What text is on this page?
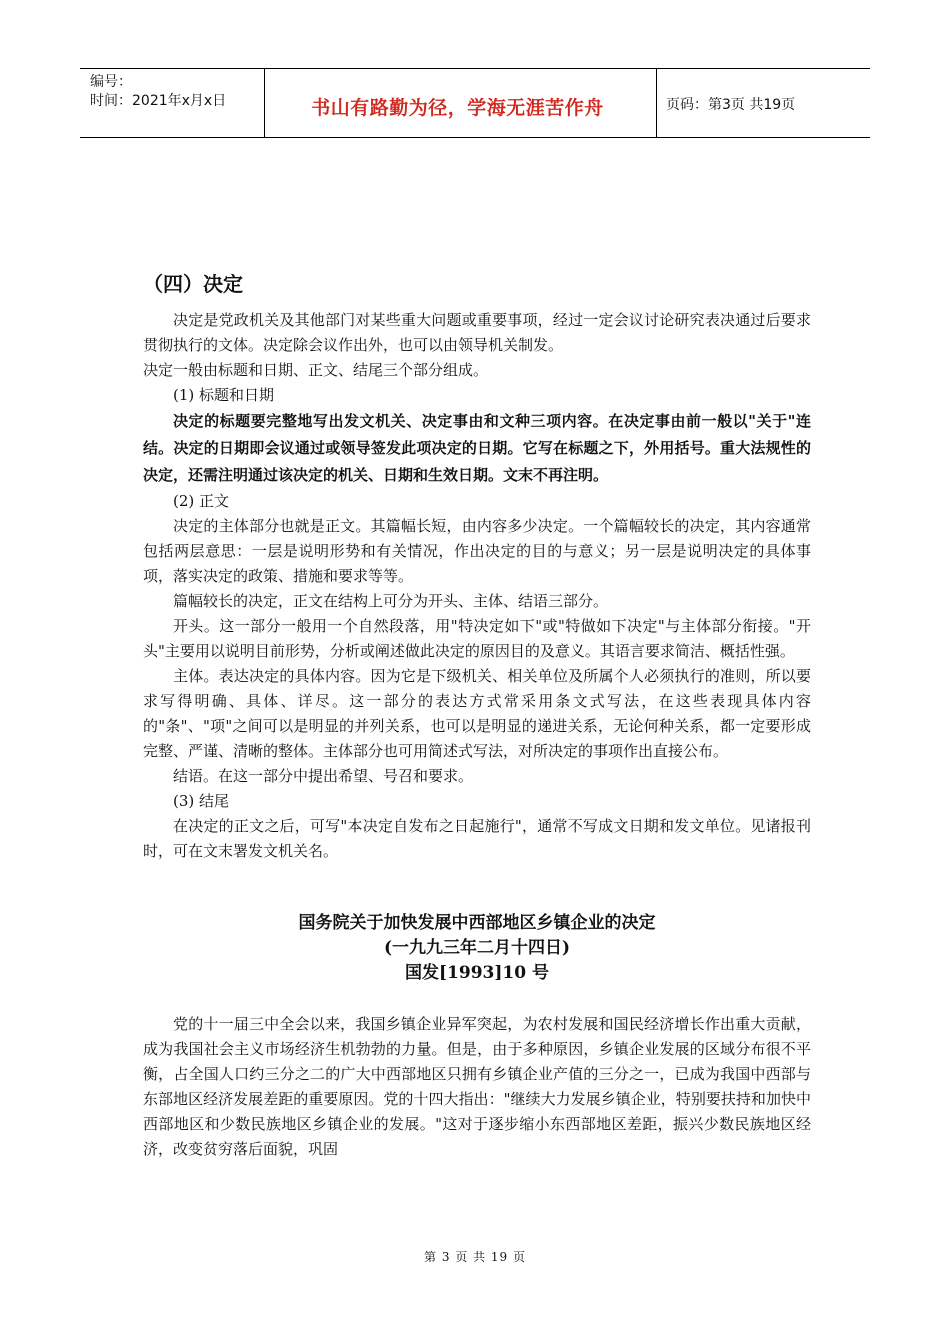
编号：
时间：2021年x月x日	书山有路勤为径，学海无涯苦作舟	页码：第3页 共19页
（四）决定

决定是党政机关及其他部门对某些重大问题或重要事项，经过一定会议讨论研究表决通过后要求贯彻执行的文体。决定除会议作出外，也可以由领导机关制发。

决定一般由标题和日期、正文、结尾三个部分组成。

(1) 标题和日期

决定的标题要完整地写出发文机关、决定事由和文种三项内容。在决定事由前一般以"关于"连结。决定的日期即会议通过或领导签发此项决定的日期。它写在标题之下，外用括号。重大法规性的决定，还需注明通过该决定的机关、日期和生效日期。文末不再注明。

(2) 正文

决定的主体部分也就是正文。其篇幅长短，由内容多少决定。一个篇幅较长的决定，其内容通常包括两层意思：一层是说明形势和有关情况，作出决定的目的与意义；另一层是说明决定的具体事项，落实决定的政策、措施和要求等等。

篇幅较长的决定，正文在结构上可分为开头、主体、结语三部分。

开头。这一部分一般用一个自然段落，用"特决定如下"或"特做如下决定"与主体部分衔接。"开头"主要用以说明目前形势，分析或阐述做此决定的原因目的及意义。其语言要求简洁、概括性强。

主体。表达决定的具体内容。因为它是下级机关、相关单位及所属个人必须执行的准则，所以要求写得明确、具体、详尽。这一部分的表达方式常采用条文式写法，在这些表现具体内容的"条"、"项"之间可以是明显的并列关系，也可以是明显的递进关系，无论何种关系，都一定要形成完整、严谨、清晰的整体。主体部分也可用简述式写法，对所决定的事项作出直接公布。

结语。在这一部分中提出希望、号召和要求。

(3) 结尾

在决定的正文之后，可写"本决定自发布之日起施行"，通常不写成文日期和发文单位。见诸报刊时，可在文末署发文机关名。

国务院关于加快发展中西部地区乡镇企业的决定

(一九九三年二月十四日)

国发[1993]10 号

党的十一届三中全会以来，我国乡镇企业异军突起，为农村发展和国民经济增长作出重大贡献，成为我国社会主义市场经济生机勃勃的力量。但是，由于多种原因，乡镇企业发展的区域分布很不平衡，占全国人口约三分之二的广大中西部地区只拥有乡镇企业产值的三分之一，已成为我国中西部与东部地区经济发展差距的重要原因。党的十四大指出："继续大力发展乡镇企业，特别要扶持和加快中西部地区和少数民族地区乡镇企业的发展。"这对于逐步缩小东西部地区差距，振兴少数民族地区经济，改变贫穷落后面貌，巩固

第 3 页 共 19 页
